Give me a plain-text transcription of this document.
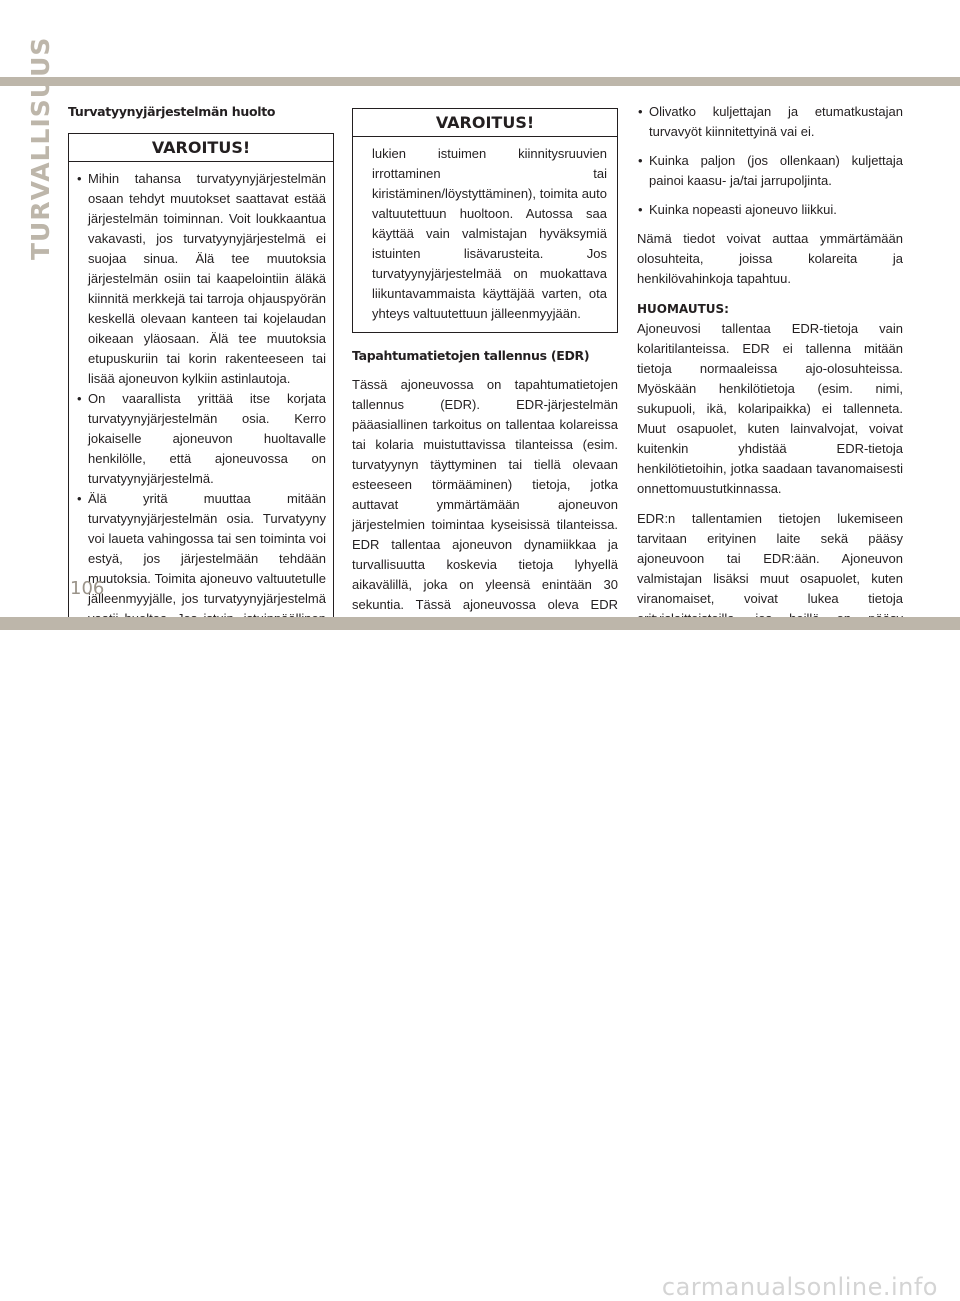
TURVALLISUUS Turvatyynyjärjestelmän huolto

VAROITUS!

• Mihin tahansa turvatyynyjärjestelmän osaan tehdyt muutokset saattavat estää järjestelmän toiminnan. Voit loukkaantua vakavasti, jos turvatyynyjärjestelmä ei suojaa sinua. Älä tee muutoksia järjestelmän osiin tai kaapelointiin äläkä kiinnitä merkkejä tai tarroja ohjauspyörän keskellä olevaan kanteen tai kojelaudan oikeaan yläosaan. Älä tee muutoksia etupuskuriin tai korin rakenteeseen tai lisää ajoneuvon kylkiin astinlautoja.

• On vaarallista yrittää itse korjata turvatyynyjärjestelmän osia. Kerro jokaiselle ajoneuvon huoltavalle henkilölle, että ajoneuvossa on turvatyynyjärjestelmä.

• Älä yritä muuttaa mitään turvatyynyjärjestelmän osia. Turvatyyny voi laueta vahingossa tai sen toiminta voi estyä, jos järjestelmään tehdään muutoksia. Toimita ajoneuvo valtuutetulle jälleenmyyjälle, jos turvatyynyjärjestelmä

VAROITUS!

lukien istuimen kiinnitysruuvien irrottaminen tai kiristäminen/löystyttäminen), toimita auto valtuutettuun huoltoon. Autossa saa käyttää vain valmistajan hyväksymiä istuinten lisävarusteita. Jos turvatyynyjärjestelmää on muokattava liikuntavammaista käyttäjää varten, ota yhteys valtuutettuun jälleenmyyjään.

Tapahtumatietojen tallennus (EDR)

Tässä ajoneuvossa on tapahtumatietojen tallennus (EDR). EDR-järjestelmän pääasiallinen tarkoitus on tallentaa kolareissa tai kolaria muistuttavissa tilanteissa (esim. turvatyynyn täyttyminen tai tiellä olevaan esteeseen törmääminen) tietoja, jotka auttavat ymmärtämään ajoneuvon järjestelmien toimintaa kyseisissä tilanteissa. EDR tallentaa ajoneuvon dynamiikkaa ja turvallisuutta koskevia tietoja lyhyellä aikavälillä, joka on yleensä enintään 30 sekuntia. Tässä ajoneuvossa oleva EDR

•

• Olivatko kuljettajan ja etumatkustajan turvavyöt kiinnitettyinä vai ei.

• Kuinka paljon (jos ollenkaan) kuljettaja painoi kaasu- ja/tai jarrupoljinta.

• Kuinka nopeasti ajoneuvo liikkui.

Nämä tiedot voivat auttaa ymmärtämään olosuhteita, joissa kolareita ja henkilövahinkoja tapahtuu.

HUOMAUTUS:

Ajoneuvosi tallentaa EDR-tietoja vain kolaritilanteissa. EDR ei tallenna mitään tietoja normaaleissa ajo-olosuhteissa. Myöskään henkilötietoja (esim. nimi, sukupuoli, ikä, kolaripaikka) ei tallenneta. Muut osapuolet, kuten lainvalvojat, voivat kuitenkin yhdistää EDR-tietoja henkilötietoihin, jotka saadaan tavanomaisesti onnettomuustutkinnassa.

EDR:n tallentamien tietojen lukemiseen tarvitaan erityinen laite sekä pääsy ajoneuvoon tai EDR:ään. Ajoneuvon valmistajan lisäksi muut osapuolet, kuten viranomaiset, voivat lukea tietoja

106
carmanualsonline.info
